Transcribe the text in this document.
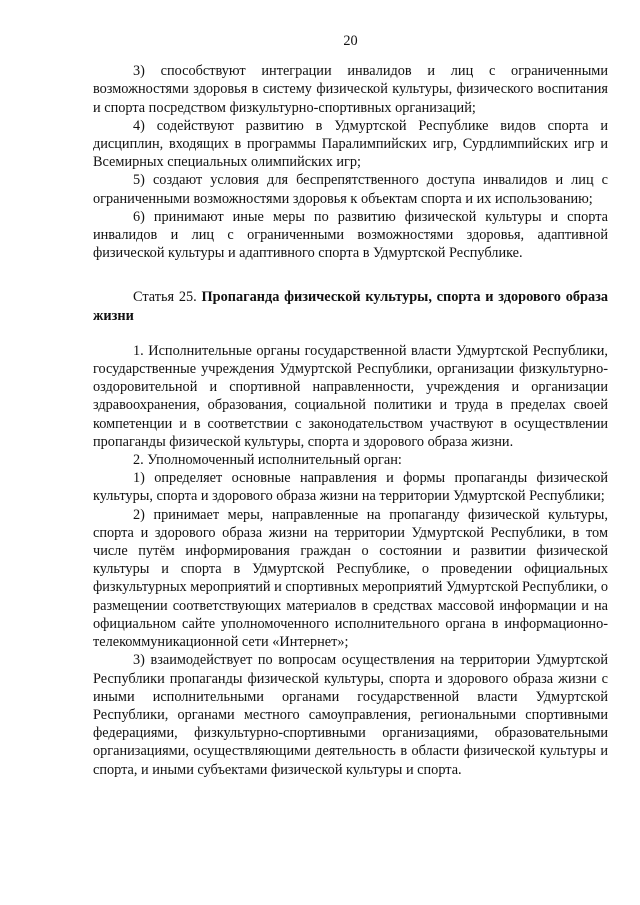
20

3) способствуют интеграции инвалидов и лиц с ограниченными возможностями здоровья в систему физической культуры, физического воспитания и спорта посредством физкультурно-спортивных организаций;

4) содействуют развитию в Удмуртской Республике видов спорта и дисциплин, входящих в программы Паралимпийских игр, Сурдлимпийских игр и Всемирных специальных олимпийских игр;

5) создают условия для беспрепятственного доступа инвалидов и лиц с ограниченными возможностями здоровья к объектам спорта и их использованию;

6) принимают иные меры по развитию физической культуры и спорта инвалидов и лиц с ограниченными возможностями здоровья, адаптивной физической культуры и адаптивного спорта в Удмуртской Республике.

Статья 25. Пропаганда физической культуры, спорта и здорового образа жизни

1. Исполнительные органы государственной власти Удмуртской Республики, государственные учреждения Удмуртской Республики, организации физкультурно-оздоровительной и спортивной направленности, учреждения и организации здравоохранения, образования, социальной политики и труда в пределах своей компетенции и в соответствии с законодательством участвуют в осуществлении пропаганды физической культуры, спорта и здорового образа жизни.

2. Уполномоченный исполнительный орган:

1) определяет основные направления и формы пропаганды физической культуры, спорта и здорового образа жизни на территории Удмуртской Республики;

2) принимает меры, направленные на пропаганду физической культуры, спорта и здорового образа жизни на территории Удмуртской Республики, в том числе путём информирования граждан о состоянии и развитии физической культуры и спорта в Удмуртской Республике, о проведении официальных физкультурных мероприятий и спортивных мероприятий Удмуртской Республики, о размещении соответствующих материалов в средствах массовой информации и на официальном сайте уполномоченного исполнительного органа в информационно-телекоммуникационной сети «Интернет»;

3) взаимодействует по вопросам осуществления на территории Удмуртской Республики пропаганды физической культуры, спорта и здорового образа жизни с иными исполнительными органами государственной власти Удмуртской Республики, органами местного самоуправления, региональными спортивными федерациями, физкультурно-спортивными организациями, образовательными организациями, осуществляющими деятельность в области физической культуры и спорта, и иными субъектами физической культуры и спорта.
